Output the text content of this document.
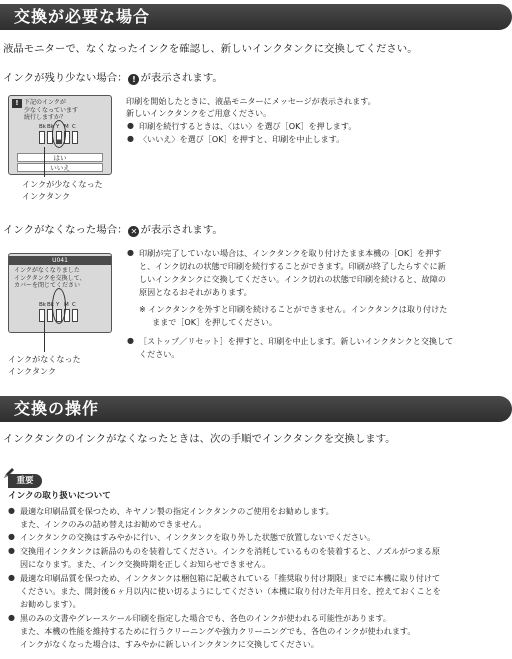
交換が必要な場合
液晶モニターで、なくなったインクを確認し、新しいインクタンクに交換してください。
インクが残り少ない場合： ! が表示されます。
! 下記のインクが
少なくなっています
続行しますか？
Bk Bk Y M C
はい
いいえ
インクが少なくなった
インクタンク
印刷を開始したときに、液晶モニターにメッセージが表示されます。
新しいインクタンクをご用意ください。
● 印刷を続行するときは、〈はい〉を選び［OK］を押します。
● 〈いいえ〉を選び［OK］を押すと、印刷を中止します。
インクがなくなった場合： ✕ が表示されます。
U041
インクがなくなりました
インクタンクを交換して、
カバーを閉じてください
Bk Bk Y M C
インクがなくなった
インクタンク
● 印刷が完了していない場合は、インクタンクを取り付けたまま本機の［OK］を押す
と、インク切れの状態で印刷を続行することができます。印刷が終了したらすぐに新
しいインクタンクに交換してください。インク切れの状態で印刷を続けると、故障の
原因となるおそれがあります。
※ インクタンクを外すと印刷を続けることができません。インクタンクは取り付けた
ままで［OK］を押してください。
● ［ストップ／リセット］を押すと、印刷を中止します。新しいインクタンクと交換して
ください。
交換の操作
インクタンクのインクがなくなったときは、次の手順でインクタンクを交換します。
重要
インクの取り扱いについて
● 最適な印刷品質を保つため、キヤノン製の指定インクタンクのご使用をお勧めします。
また、インクのみの詰め替えはお勧めできません。
● インクタンクの交換はすみやかに行い、インクタンクを取り外した状態で放置しないでください。
● 交換用インクタンクは新品のものを装着してください。インクを消耗しているものを装着すると、ノズルがつまる原
因になります。また、インク交換時期を正しくお知らせできません。
● 最適な印刷品質を保つため、インクタンクは梱包箱に記載されている「推奨取り付け期限」までに本機に取り付けて
ください。また、開封後６ヶ月以内に使い切るようにしてください（本機に取り付けた年月日を、控えておくことを
お勧めします）。
● 黒のみの文書やグレースケール印刷を指定した場合でも、各色のインクが使われる可能性があります。
また、本機の性能を維持するために行うクリーニングや強力クリーニングでも、各色のインクが使われます。
インクがなくなった場合は、すみやかに新しいインクタンクに交換してください。
